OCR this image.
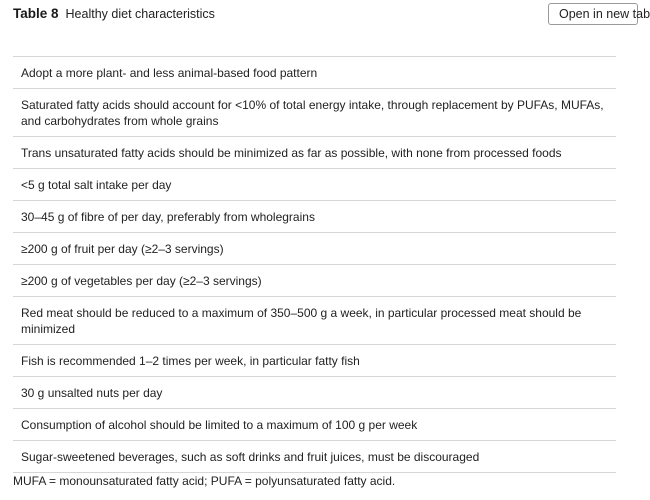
Table 8 Healthy diet characteristics	Open in new tab
Adopt a more plant- and less animal-based food pattern
Saturated fatty acids should account for <10% of total energy intake, through replacement by PUFAs, MUFAs, and carbohydrates from whole grains
Trans unsaturated fatty acids should be minimized as far as possible, with none from processed foods
<5 g total salt intake per day
30–45 g of fibre of per day, preferably from wholegrains
≥200 g of fruit per day (≥2–3 servings)
≥200 g of vegetables per day (≥2–3 servings)
Red meat should be reduced to a maximum of 350–500 g a week, in particular processed meat should be minimized
Fish is recommended 1–2 times per week, in particular fatty fish
30 g unsalted nuts per day
Consumption of alcohol should be limited to a maximum of 100 g per week
Sugar-sweetened beverages, such as soft drinks and fruit juices, must be discouraged
MUFA = monounsaturated fatty acid; PUFA = polyunsaturated fatty acid.
